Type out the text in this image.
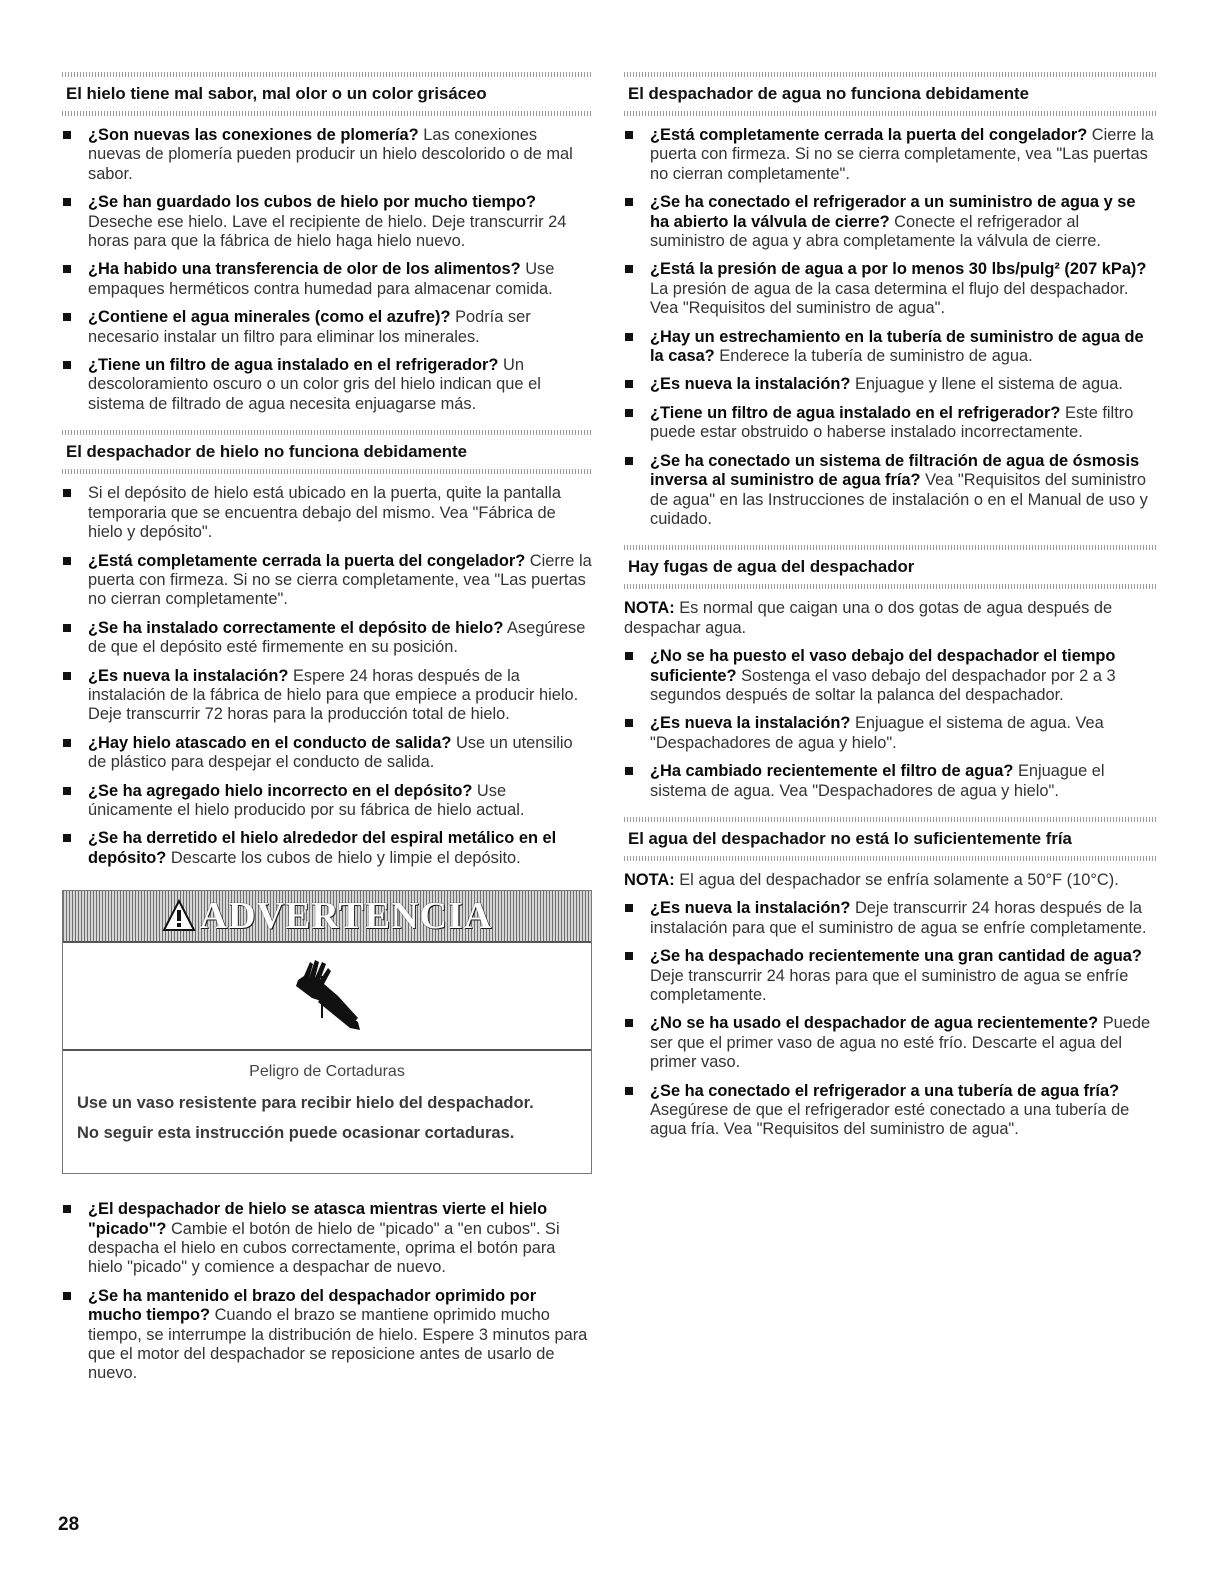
El hielo tiene mal sabor, mal olor o un color grisáceo
¿Son nuevas las conexiones de plomería? Las conexiones nuevas de plomería pueden producir un hielo descolorido o de mal sabor.
¿Se han guardado los cubos de hielo por mucho tiempo? Deseche ese hielo. Lave el recipiente de hielo. Deje transcurrir 24 horas para que la fábrica de hielo haga hielo nuevo.
¿Ha habido una transferencia de olor de los alimentos? Use empaques herméticos contra humedad para almacenar comida.
¿Contiene el agua minerales (como el azufre)? Podría ser necesario instalar un filtro para eliminar los minerales.
¿Tiene un filtro de agua instalado en el refrigerador? Un descoloramiento oscuro o un color gris del hielo indican que el sistema de filtrado de agua necesita enjuagarse más.
El despachador de hielo no funciona debidamente
Si el depósito de hielo está ubicado en la puerta, quite la pantalla temporaria que se encuentra debajo del mismo. Vea "Fábrica de hielo y depósito".
¿Está completamente cerrada la puerta del congelador? Cierre la puerta con firmeza. Si no se cierra completamente, vea "Las puertas no cierran completamente".
¿Se ha instalado correctamente el depósito de hielo? Asegúrese de que el depósito esté firmemente en su posición.
¿Es nueva la instalación? Espere 24 horas después de la instalación de la fábrica de hielo para que empiece a producir hielo. Deje transcurrir 72 horas para la producción total de hielo.
¿Hay hielo atascado en el conducto de salida? Use un utensilio de plástico para despejar el conducto de salida.
¿Se ha agregado hielo incorrecto en el depósito? Use únicamente el hielo producido por su fábrica de hielo actual.
¿Se ha derretido el hielo alrededor del espiral metálico en el depósito? Descarte los cubos de hielo y limpie el depósito.
ADVERTENCIA
Peligro de Cortaduras
Use un vaso resistente para recibir hielo del despachador.
No seguir esta instrucción puede ocasionar cortaduras.
¿El despachador de hielo se atasca mientras vierte el hielo "picado"? Cambie el botón de hielo de "picado" a "en cubos". Si despacha el hielo en cubos correctamente, oprima el botón para hielo "picado" y comience a despachar de nuevo.
¿Se ha mantenido el brazo del despachador oprimido por mucho tiempo? Cuando el brazo se mantiene oprimido mucho tiempo, se interrumpe la distribución de hielo. Espere 3 minutos para que el motor del despachador se reposicione antes de usarlo de nuevo.
El despachador de agua no funciona debidamente
¿Está completamente cerrada la puerta del congelador? Cierre la puerta con firmeza. Si no se cierra completamente, vea "Las puertas no cierran completamente".
¿Se ha conectado el refrigerador a un suministro de agua y se ha abierto la válvula de cierre? Conecte el refrigerador al suministro de agua y abra completamente la válvula de cierre.
¿Está la presión de agua a por lo menos 30 lbs/pulg² (207 kPa)? La presión de agua de la casa determina el flujo del despachador. Vea "Requisitos del suministro de agua".
¿Hay un estrechamiento en la tubería de suministro de agua de la casa? Enderece la tubería de suministro de agua.
¿Es nueva la instalación? Enjuague y llene el sistema de agua.
¿Tiene un filtro de agua instalado en el refrigerador? Este filtro puede estar obstruido o haberse instalado incorrectamente.
¿Se ha conectado un sistema de filtración de agua de ósmosis inversa al suministro de agua fría? Vea "Requisitos del suministro de agua" en las Instrucciones de instalación o en el Manual de uso y cuidado.
Hay fugas de agua del despachador

NOTA: Es normal que caigan una o dos gotas de agua después de despachar agua.

¿No se ha puesto el vaso debajo del despachador el tiempo suficiente? Sostenga el vaso debajo del despachador por 2 a 3 segundos después de soltar la palanca del despachador.
¿Es nueva la instalación? Enjuague el sistema de agua. Vea "Despachadores de agua y hielo".
¿Ha cambiado recientemente el filtro de agua? Enjuague el sistema de agua. Vea "Despachadores de agua y hielo".
El agua del despachador no está lo suficientemente fría

NOTA: El agua del despachador se enfría solamente a 50°F (10°C).

¿Es nueva la instalación? Deje transcurrir 24 horas después de la instalación para que el suministro de agua se enfríe completamente.
¿Se ha despachado recientemente una gran cantidad de agua? Deje transcurrir 24 horas para que el suministro de agua se enfríe completamente.
¿No se ha usado el despachador de agua recientemente? Puede ser que el primer vaso de agua no esté frío. Descarte el agua del primer vaso.
¿Se ha conectado el refrigerador a una tubería de agua fría? Asegúrese de que el refrigerador esté conectado a una tubería de agua fría. Vea "Requisitos del suministro de agua".
28
